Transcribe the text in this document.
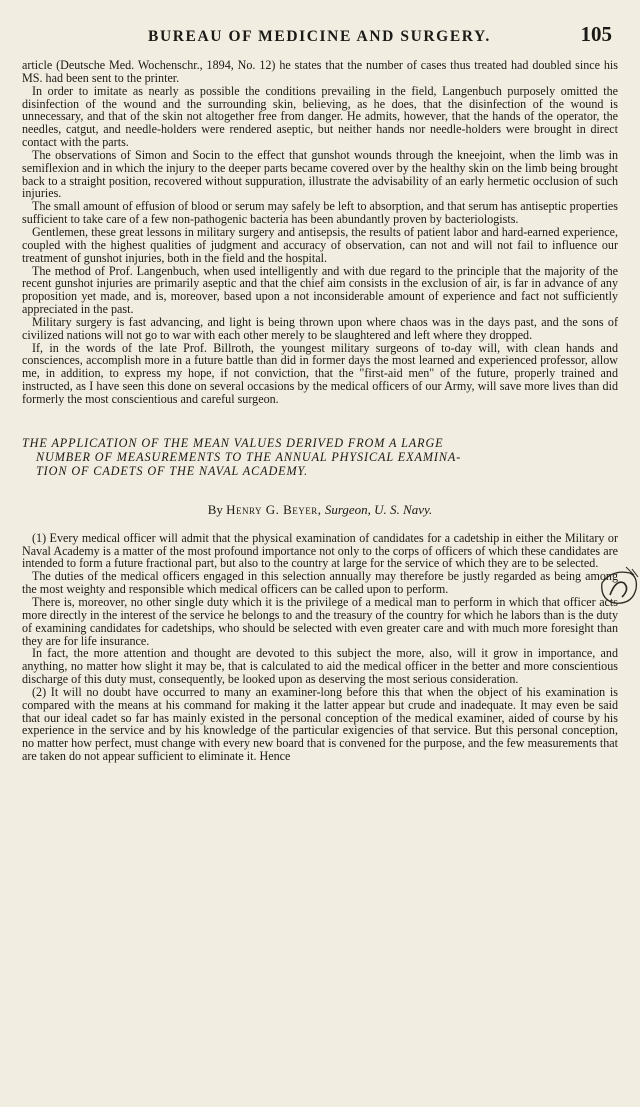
BUREAU OF MEDICINE AND SURGERY.	105

article (Deutsche Med. Wochenschr., 1894, No. 12) he states that the number of cases thus treated had doubled since his MS. had been sent to the printer.

In order to imitate as nearly as possible the conditions prevailing in the field, Langenbuch purposely omitted the disinfection of the wound and the surrounding skin, believing, as he does, that the disinfection of the wound is unnecessary, and that of the skin not altogether free from danger. He admits, however, that the hands of the operator, the needles, catgut, and needle-holders were rendered aseptic, but neither hands nor needle-holders were brought in direct contact with the parts.

The observations of Simon and Socin to the effect that gunshot wounds through the kneejoint, when the limb was in semiflexion and in which the injury to the deeper parts became covered over by the healthy skin on the limb being brought back to a straight position, recovered without suppuration, illustrate the advisability of an early hermetic occlusion of such injuries.

The small amount of effusion of blood or serum may safely be left to absorption, and that serum has antiseptic properties sufficient to take care of a few non-pathogenic bacteria has been abundantly proven by bacteriologists.

Gentlemen, these great lessons in military surgery and antisepsis, the results of patient labor and hard-earned experience, coupled with the highest qualities of judgment and accuracy of observation, can not and will not fail to influence our treatment of gunshot injuries, both in the field and the hospital.

The method of Prof. Langenbuch, when used intelligently and with due regard to the principle that the majority of the recent gunshot injuries are primarily aseptic and that the chief aim consists in the exclusion of air, is far in advance of any proposition yet made, and is, moreover, based upon a not inconsiderable amount of experience and fact not sufficiently appreciated in the past.

Military surgery is fast advancing, and light is being thrown upon where chaos was in the days past, and the sons of civilized nations will not go to war with each other merely to be slaughtered and left where they dropped.

If, in the words of the late Prof. Billroth, the youngest military surgeons of to-day will, with clean hands and consciences, accomplish more in a future battle than did in former days the most learned and experienced professor, allow me, in addition, to express my hope, if not conviction, that the "first-aid men" of the future, properly trained and instructed, as I have seen this done on several occasions by the medical officers of our Army, will save more lives than did formerly the most conscientious and careful surgeon.

THE APPLICATION OF THE MEAN VALUES DERIVED FROM A LARGE
NUMBER OF MEASUREMENTS TO THE ANNUAL PHYSICAL EXAMINA-
TION OF CADETS OF THE NAVAL ACADEMY.
By Henry G. Beyer, Surgeon, U. S. Navy.

(1) Every medical officer will admit that the physical examination of candidates for a cadetship in either the Military or Naval Academy is a matter of the most profound importance not only to the corps of officers of which these candidates are intended to form a future fractional part, but also to the country at large for the service of which they are to be selected.

The duties of the medical officers engaged in this selection annually may therefore be justly regarded as being among the most weighty and responsible which medical officers can be called upon to perform.

There is, moreover, no other single duty which it is the privilege of a medical man to perform in which that officer acts more directly in the interest of the service he belongs to and the treasury of the country for which he labors than is the duty of examining candidates for cadetships, who should be selected with even greater care and with much more foresight than they are for life insurance.

In fact, the more attention and thought are devoted to this subject the more, also, will it grow in importance, and anything, no matter how slight it may be, that is calculated to aid the medical officer in the better and more conscientious discharge of this duty must, consequently, be looked upon as deserving the most serious consideration.

(2) It will no doubt have occurred to many an examiner-long before this that when the object of his examination is compared with the means at his command for making it the latter appear but crude and inadequate. It may even be said that our ideal cadet so far has mainly existed in the personal conception of the medical examiner, aided of course by his experience in the service and by his knowledge of the particular exigencies of that service. But this personal conception, no matter how perfect, must change with every new board that is convened for the purpose, and the few measurements that are taken do not appear sufficient to eliminate it. Hence
